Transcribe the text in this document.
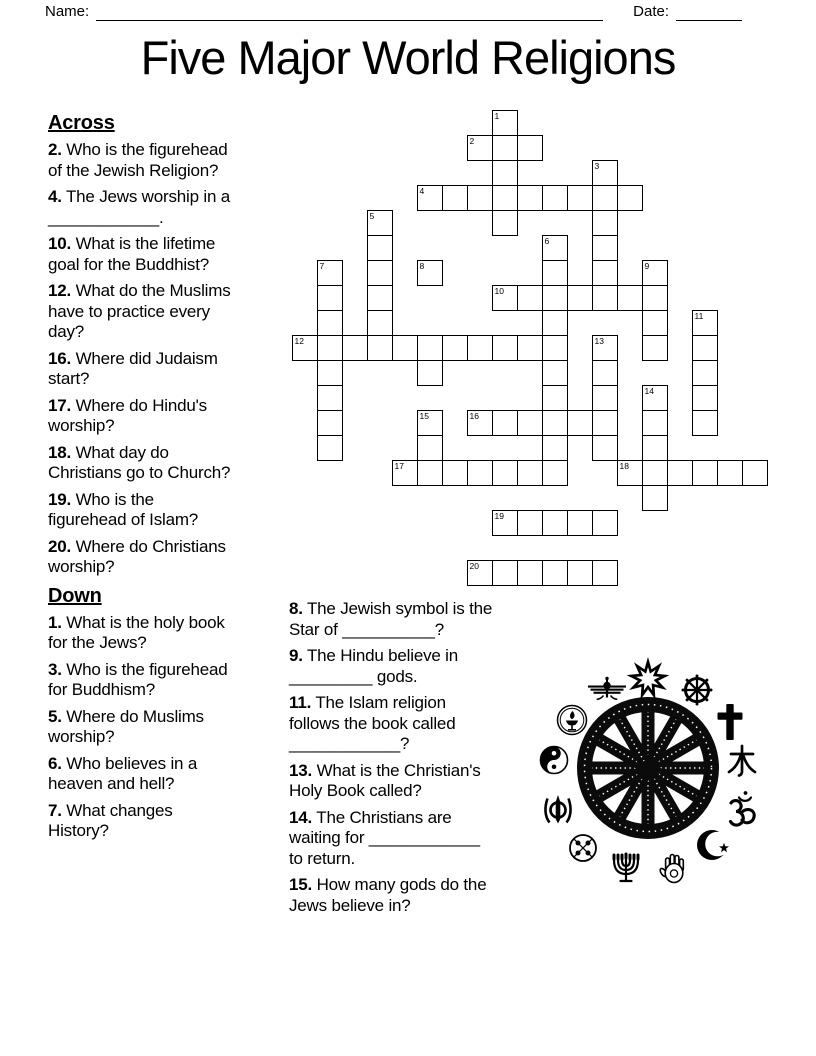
Name:	Date:
Five Major World Religions
Across

2. Who is the figurehead of the Jewish Religion?

4. The Jews worship in a ____________.

10. What is the lifetime goal for the Buddhist?

12. What do the Muslims have to practice every day?

16. Where did Judaism start?

17. Where do Hindu's worship?

18. What day do Christians go to Church?

19. Who is the figurehead of Islam?

20. Where do Christians worship?

Down

1. What is the holy book for the Jews?

3. Who is the figurehead for Buddhism?

5. Where do Muslims worship?

6. Who believes in a heaven and hell?

7. What changes History?

8. The Jewish symbol is the Star of __________?

9. The Hindu believe in _________ gods.

11. The Islam religion follows the book called ____________?

13. What is the Christian's Holy Book called?

14. The Christians are waiting for ____________ to return.

15. How many gods do the Jews believe in?

1
2
3
4
5
6
7	8	9
10
11
12	13
14
15	16
17	18
19
20
